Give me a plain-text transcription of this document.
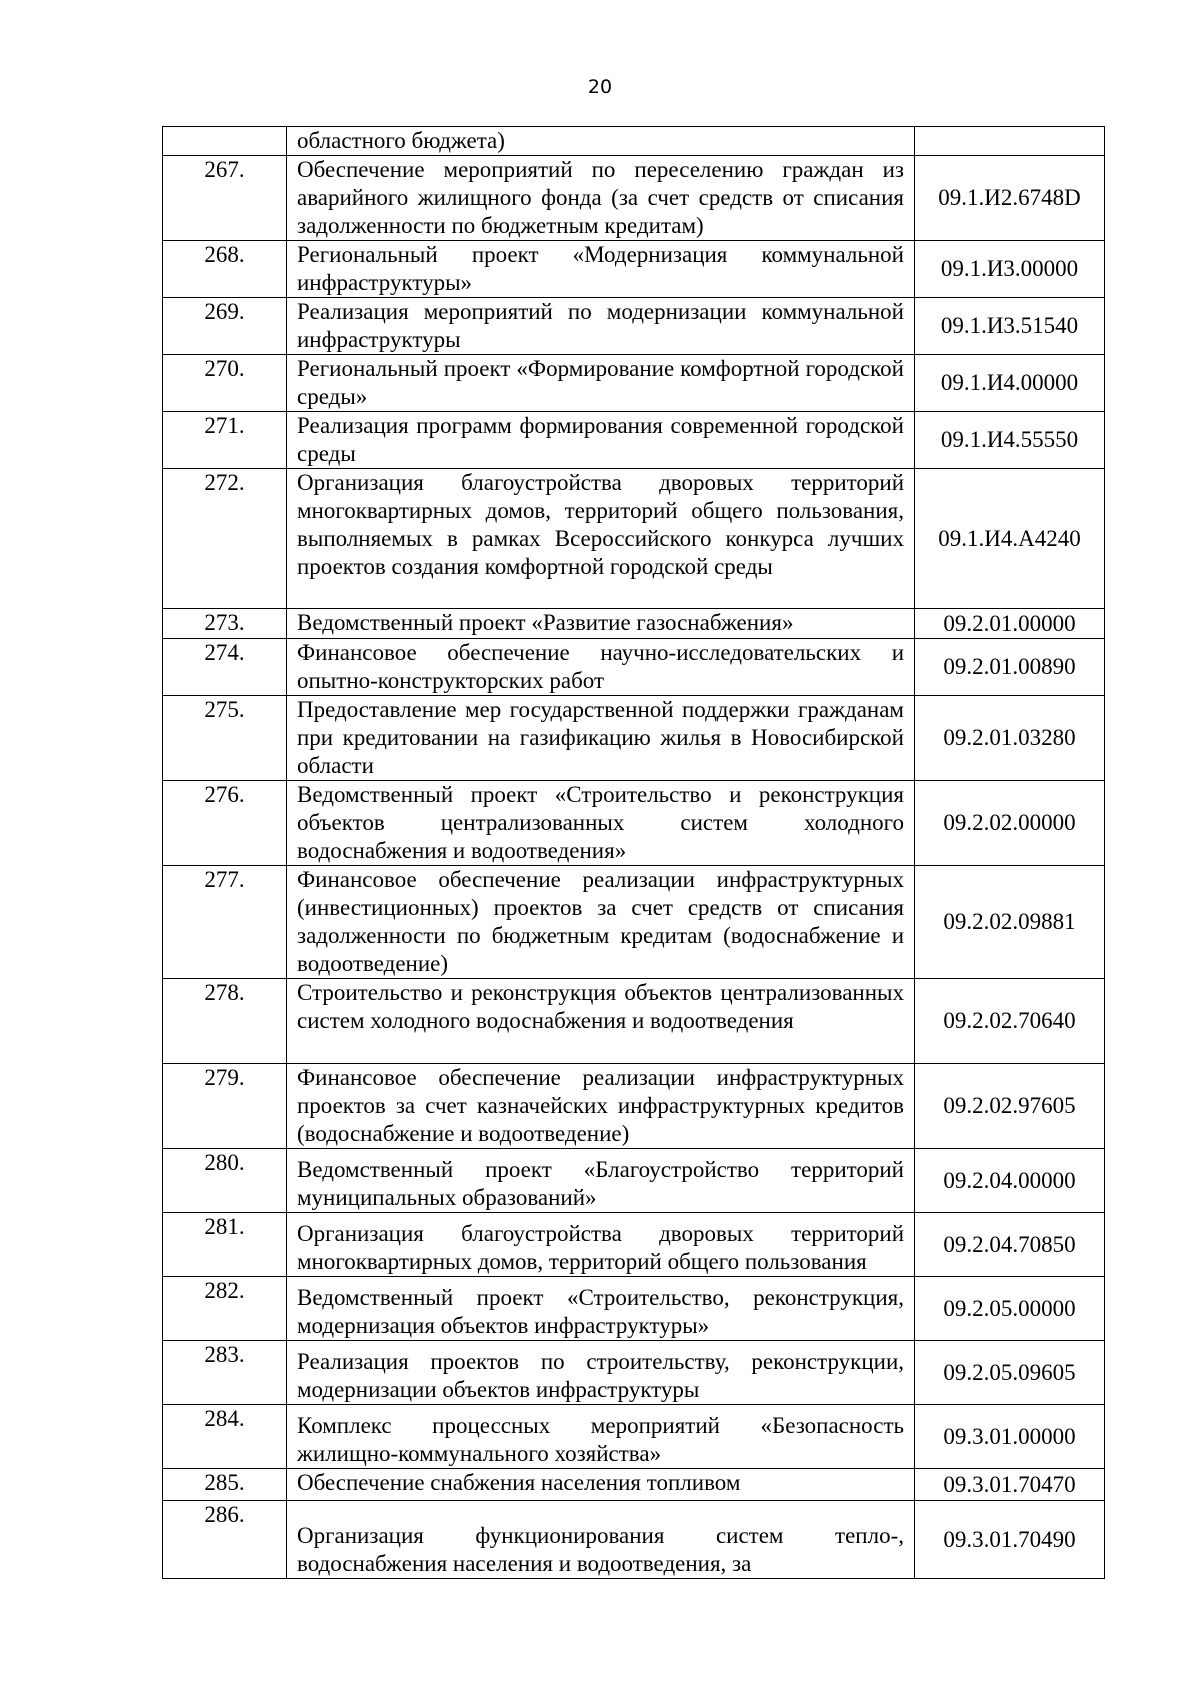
20
	областного бюджета)	
267.	Обеспечение мероприятий по переселению граждан из аварийного жилищного фонда (за счет средств от списания задолженности по бюджетным кредитам)	09.1.И2.6748D
268.	Региональный проект «Модернизация коммунальной инфраструктуры»	09.1.И3.00000
269.	Реализация мероприятий по модернизации коммунальной инфраструктуры	09.1.И3.51540
270.	Региональный проект «Формирование комфортной городской среды»	09.1.И4.00000
271.	Реализация программ формирования современной городской среды	09.1.И4.55550
272.	Организация благоустройства дворовых территорий многоквартирных домов, территорий общего пользования, выполняемых в рамках Всероссийского конкурса лучших проектов создания комфортной городской среды	09.1.И4.А4240
273.	Ведомственный проект «Развитие газоснабжения»	09.2.01.00000
274.	Финансовое обеспечение научно-исследовательских и опытно-конструкторских работ	09.2.01.00890
275.	Предоставление мер государственной поддержки гражданам при кредитовании на газификацию жилья в Новосибирской области	09.2.01.03280
276.	Ведомственный проект «Строительство и реконструкция объектов централизованных систем холодного водоснабжения и водоотведения»	09.2.02.00000
277.	Финансовое обеспечение реализации инфраструктурных (инвестиционных) проектов за счет средств от списания задолженности по бюджетным кредитам (водоснабжение и водоотведение)	09.2.02.09881
278.	Строительство и реконструкция объектов централизованных систем холодного водоснабжения и водоотведения	09.2.02.70640
279.	Финансовое обеспечение реализации инфраструктурных проектов за счет казначейских инфраструктурных кредитов (водоснабжение и водоотведение)	09.2.02.97605
280.	Ведомственный проект «Благоустройство территорий муниципальных образований»	09.2.04.00000
281.	Организация благоустройства дворовых территорий многоквартирных домов, территорий общего пользования	09.2.04.70850
282.	Ведомственный проект «Строительство, реконструкция, модернизация объектов инфраструктуры»	09.2.05.00000
283.	Реализация проектов по строительству, реконструкции, модернизации объектов инфраструктуры	09.2.05.09605
284.	Комплекс процессных мероприятий «Безопасность жилищно-коммунального хозяйства»	09.3.01.00000
285.	Обеспечение снабжения населения топливом	09.3.01.70470
286.	Организация функционирования систем тепло-, водоснабжения населения и водоотведения, за	09.3.01.70490
